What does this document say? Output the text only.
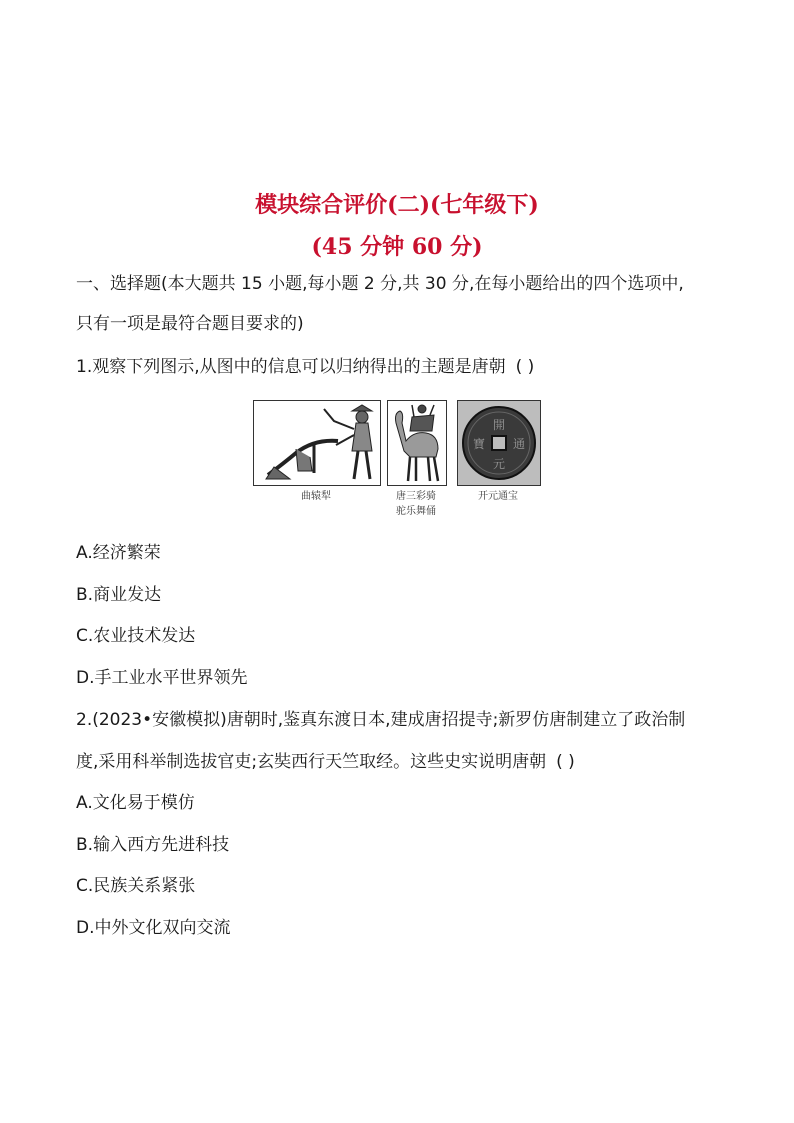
模块综合评价(二)(七年级下)
(45 分钟 60 分)
一、选择题(本大题共 15 小题,每小题 2 分,共 30 分,在每小题给出的四个选项中,
只有一项是最符合题目要求的)
1.观察下列图示,从图中的信息可以归纳得出的主题是唐朝 ( )
開
元
通
寶
曲辕犁	唐三彩骑
驼乐舞俑
开元通宝
A.经济繁荣
B.商业发达
C.农业技术发达
D.手工业水平世界领先
2.(2023•安徽模拟)唐朝时,鉴真东渡日本,建成唐招提寺;新罗仿唐制建立了政治制
度,采用科举制选拔官吏;玄奘西行天竺取经。这些史实说明唐朝 ( )
A.文化易于模仿
B.输入西方先进科技
C.民族关系紧张
D.中外文化双向交流
